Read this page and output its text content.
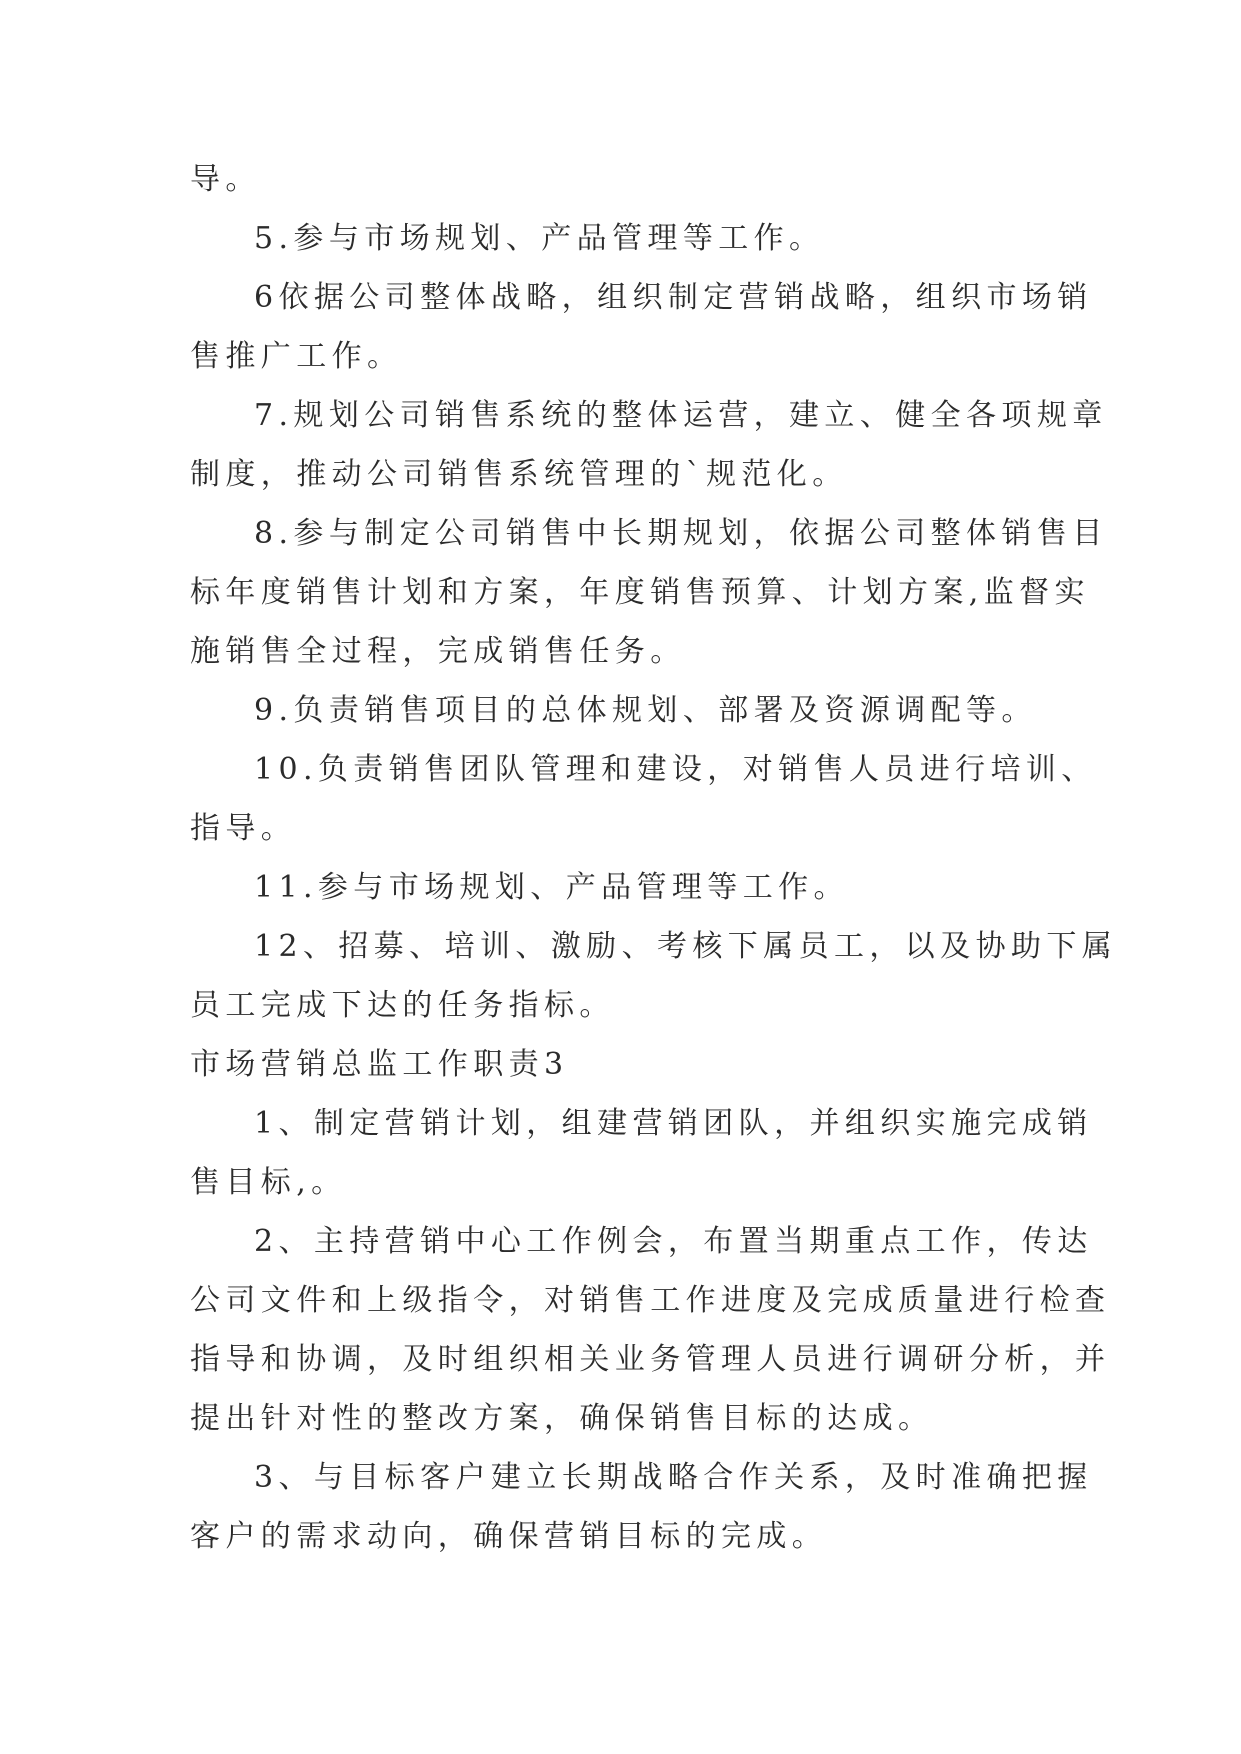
导。
5.参与市场规划、产品管理等工作。
6依据公司整体战略，组织制定营销战略，组织市场销
售推广工作。
7.规划公司销售系统的整体运营，建立、健全各项规章
制度，推动公司销售系统管理的`规范化。
8.参与制定公司销售中长期规划，依据公司整体销售目
标年度销售计划和方案，年度销售预算、计划方案,监督实
施销售全过程，完成销售任务。
9.负责销售项目的总体规划、部署及资源调配等。
10.负责销售团队管理和建设，对销售人员进行培训、
指导。
11.参与市场规划、产品管理等工作。
12、招募、培训、激励、考核下属员工，以及协助下属
员工完成下达的任务指标。
市场营销总监工作职责3
1、制定营销计划，组建营销团队，并组织实施完成销
售目标,。
2、主持营销中心工作例会，布置当期重点工作，传达
公司文件和上级指令，对销售工作进度及完成质量进行检查
指导和协调，及时组织相关业务管理人员进行调研分析，并
提出针对性的整改方案，确保销售目标的达成。
3、与目标客户建立长期战略合作关系，及时准确把握
客户的需求动向，确保营销目标的完成。
